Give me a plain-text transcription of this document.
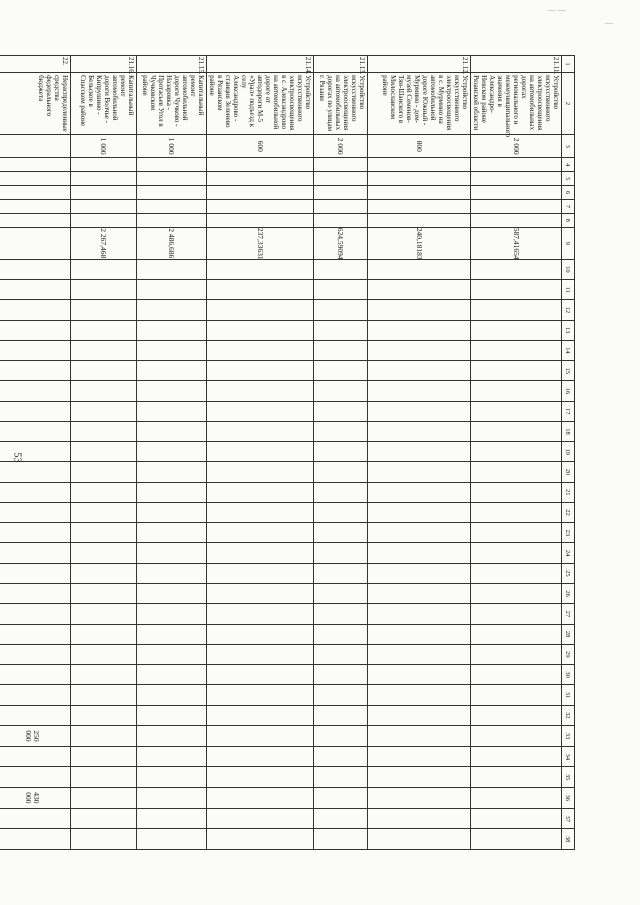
53
﹏ ﹏
—
1	2	3	4	5	6	7	8	9	10	11	12	13	14	15	16	17	18	19	20	21	22	23	24	25	26	27	28	29	30	31	32	33	34	35	36	37	38
21.11.	Устройство искусственного электроосвещения на автомобильных дорогах регионального и межмуниципального значения в Александро-Невском районе Рязанской области	2 000						587,41654																													
21.12.	Устройство искусственного электроосвещения в с. Мурмино на автомобильной дороге Южный - Мурмино - дом-музей Семенов-Тян-Шанского в Милославском районе	800						240,18183																													
21.13.	Устройство искусственного электроосвещения на автомобильных дорогах по улицам г. Рязани	2 000						624,59094																													
21.14.	Устройство искусственного электроосвещения в с. Александрово на автомобильной дороге от автодороги М-5 «Урал» подъезд к селу Александрово - станция Зеленево в Рязанском районе	600						237,33631																													
21.15.	Капитальный ремонт автомобильной дороги Чучково - Назаровка - Протасьев Угол в Чучковском районе	1 000						2 486,686																													
21.16.	Капитальный ремонт автомобильной дороги Волчье - Кипрушино - Бельское в Спасском районе	1 000						2 267,468																													
22.	Нераспределенные средства федерального бюджета																															250 000			430 000		
